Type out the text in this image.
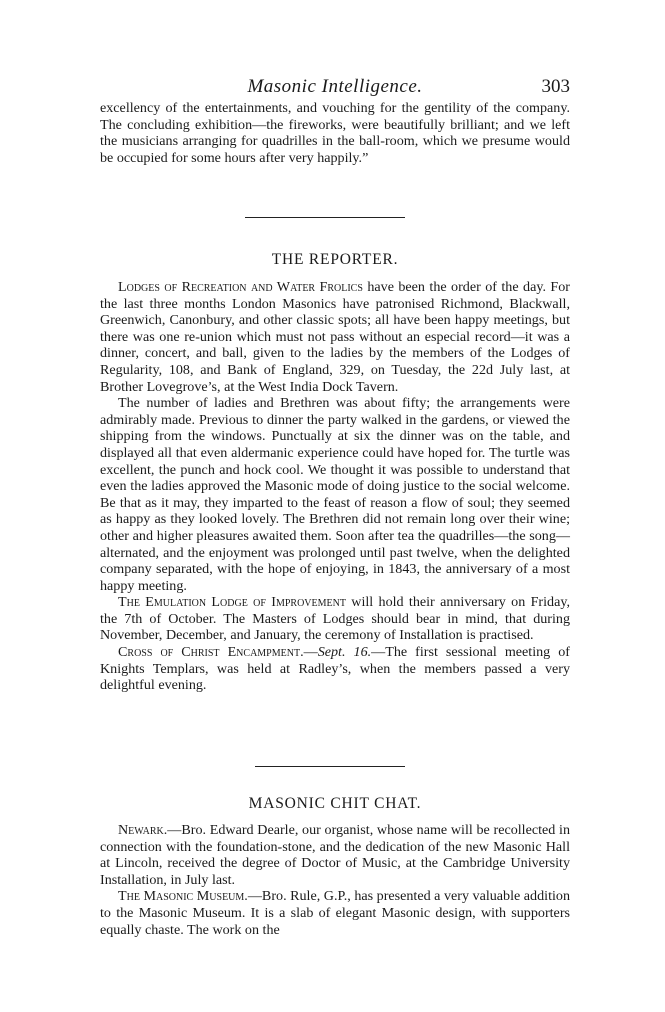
Masonic Intelligence.	303

excellency of the entertainments, and vouching for the gentility of the company. The concluding exhibition—the fireworks, were beautifully brilliant; and we left the musicians arranging for quadrilles in the ball-room, which we presume would be occupied for some hours after very happily.”

THE REPORTER.

Lodges of Recreation and Water Frolics have been the order of the day. For the last three months London Masonics have patronised Richmond, Blackwall, Greenwich, Canonbury, and other classic spots; all have been happy meetings, but there was one re-union which must not pass without an especial record—it was a dinner, concert, and ball, given to the ladies by the members of the Lodges of Regularity, 108, and Bank of England, 329, on Tuesday, the 22d July last, at Brother Lovegrove’s, at the West India Dock Tavern.

The number of ladies and Brethren was about fifty; the arrangements were admirably made. Previous to dinner the party walked in the gardens, or viewed the shipping from the windows. Punctually at six the dinner was on the table, and displayed all that even aldermanic experience could have hoped for. The turtle was excellent, the punch and hock cool. We thought it was possible to understand that even the ladies approved the Masonic mode of doing justice to the social welcome. Be that as it may, they imparted to the feast of reason a flow of soul; they seemed as happy as they looked lovely. The Brethren did not remain long over their wine; other and higher pleasures awaited them. Soon after tea the quadrilles—the song—alternated, and the enjoyment was prolonged until past twelve, when the delighted company separated, with the hope of enjoying, in 1843, the anniversary of a most happy meeting.

The Emulation Lodge of Improvement will hold their anniversary on Friday, the 7th of October. The Masters of Lodges should bear in mind, that during November, December, and January, the ceremony of Installation is practised.

Cross of Christ Encampment.—Sept. 16.—The first sessional meeting of Knights Templars, was held at Radley’s, when the members passed a very delightful evening.

MASONIC CHIT CHAT.

Newark.—Bro. Edward Dearle, our organist, whose name will be recollected in connection with the foundation-stone, and the dedication of the new Masonic Hall at Lincoln, received the degree of Doctor of Music, at the Cambridge University Installation, in July last.

The Masonic Museum.—Bro. Rule, G.P., has presented a very valuable addition to the Masonic Museum. It is a slab of elegant Masonic design, with supporters equally chaste. The work on the
